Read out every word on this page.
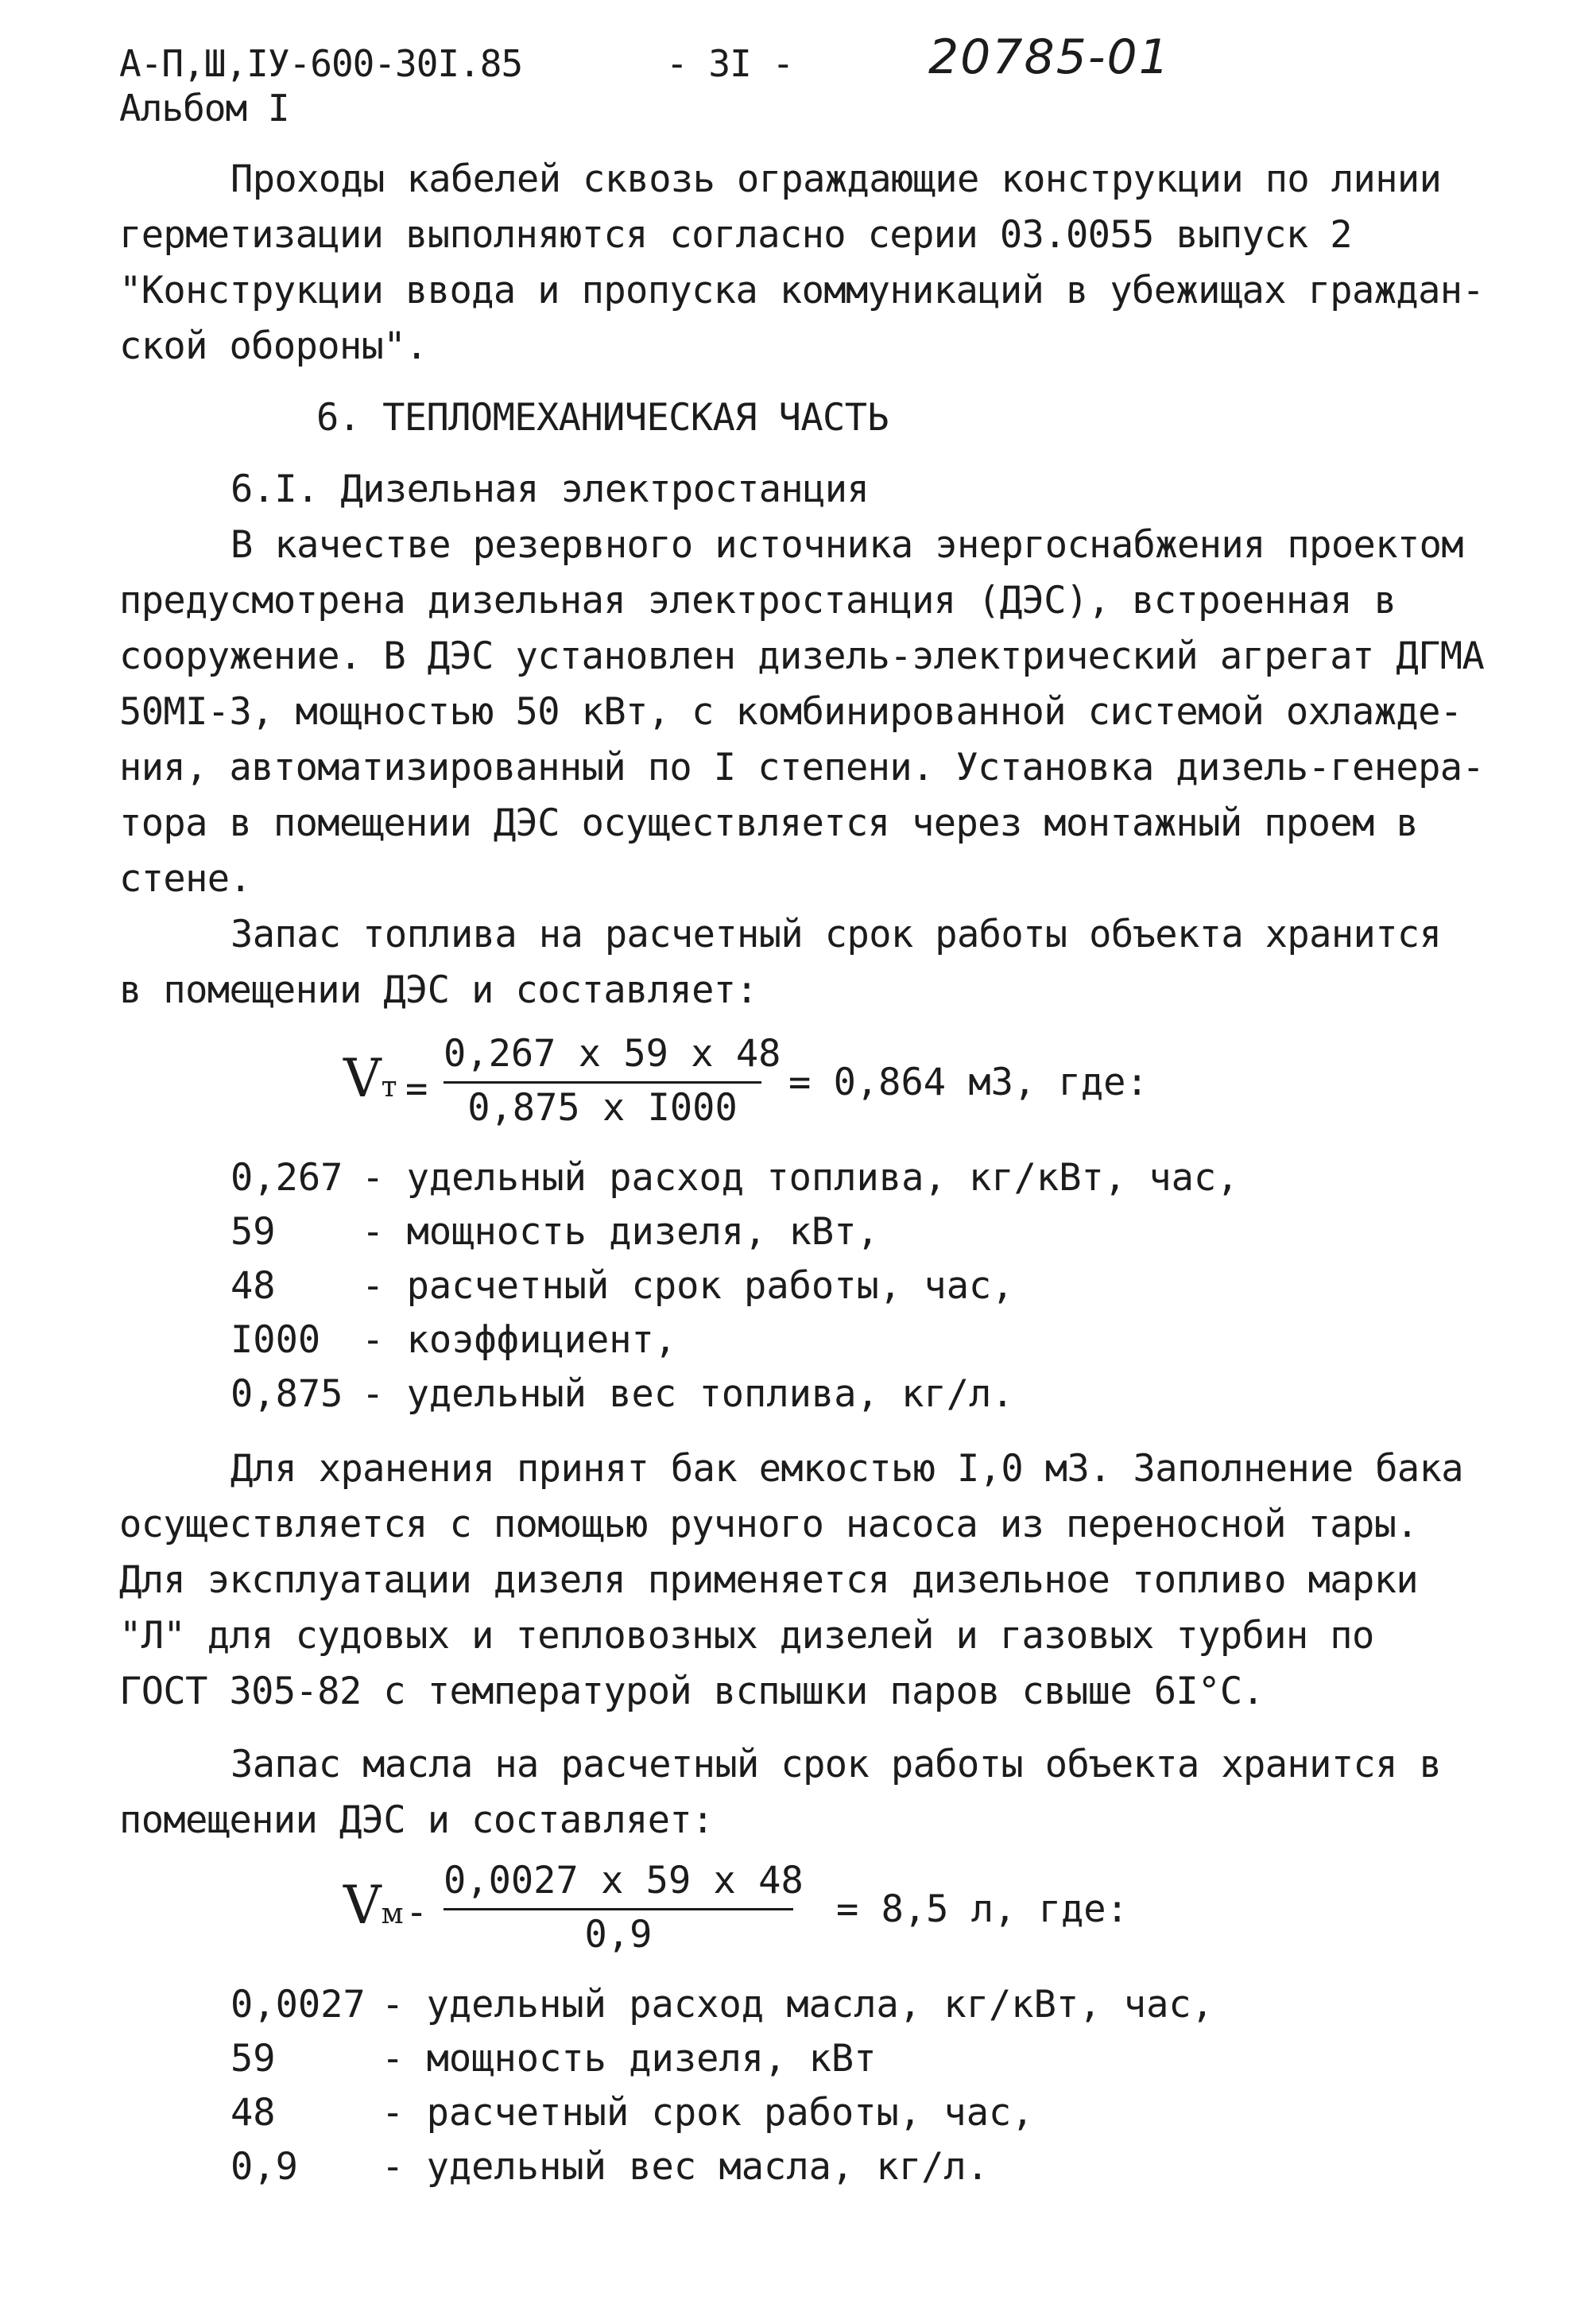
А-П,Ш,IУ-600-30I.85
Альбом I
- 3I -	20785-01
Проходы кабелей сквозь ограждающие конструкции по линии
герметизации выполняются согласно серии 03.0055 выпуск 2
"Конструкции ввода и пропуска коммуникаций в убежищах граждан-
ской обороны".
6. ТЕПЛОМЕХАНИЧЕСКАЯ ЧАСТЬ
6.I. Дизельная электростанция
В качестве резервного источника энергоснабжения проектом
предусмотрена дизельная электростанция (ДЭС), встроенная в
сооружение. В ДЭС установлен дизель-электрический агрегат ДГМА
50МI-3, мощностью 50 кВт, с комбинированной системой охлажде-
ния, автоматизированный по I степени. Установка дизель-генера-
тора в помещении ДЭС осуществляется через монтажный проем в
стене.
Запас топлива на расчетный срок работы объекта хранится
в помещении ДЭС и составляет:
Vт =
0,267 х 59 х 48
0,875 х I000
= 0,864 м3, где:
0,267 - удельный расход топлива, кг/кВт, час,
59 - мощность дизеля, кВт,
48 - расчетный срок работы, час,
I000 - коэффициент,
0,875 - удельный вес топлива, кг/л.
Для хранения принят бак емкостью I,0 м3. Заполнение бака
осуществляется с помощью ручного насоса из переносной тары.
Для эксплуатации дизеля применяется дизельное топливо марки
"Л" для судовых и тепловозных дизелей и газовых турбин по
ГОСТ 305-82 с температурой вспышки паров свыше 6I°С.
Запас масла на расчетный срок работы объекта хранится в
помещении ДЭС и составляет:
Vм -
0,0027 х 59 х 48
0,9
= 8,5 л, где:
0,0027 - удельный расход масла, кг/кВт, час,
59	- мощность дизеля, кВт
48	- расчетный срок работы, час,
0,9 - удельный вес масла, кг/л.
